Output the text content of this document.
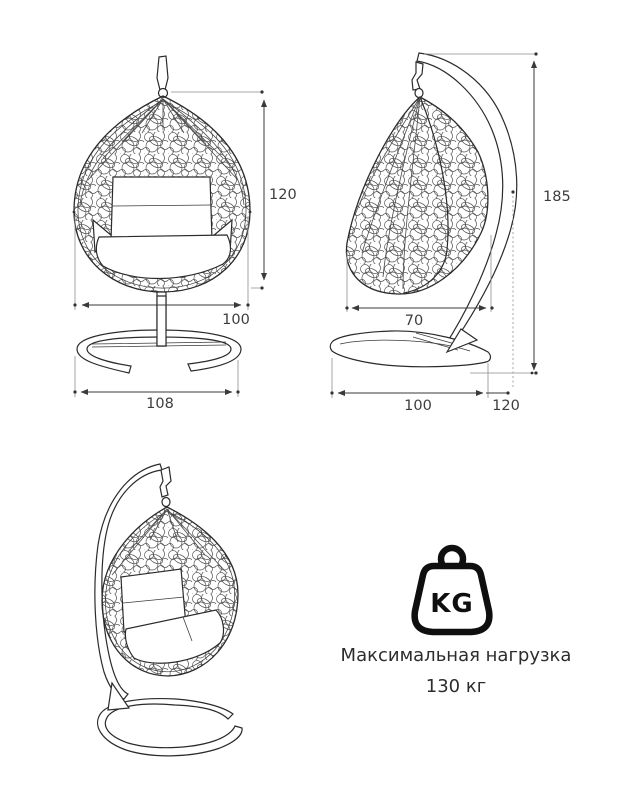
120
100
108
185
70
100	120
KG
Максимальная нагрузка
130 кг
